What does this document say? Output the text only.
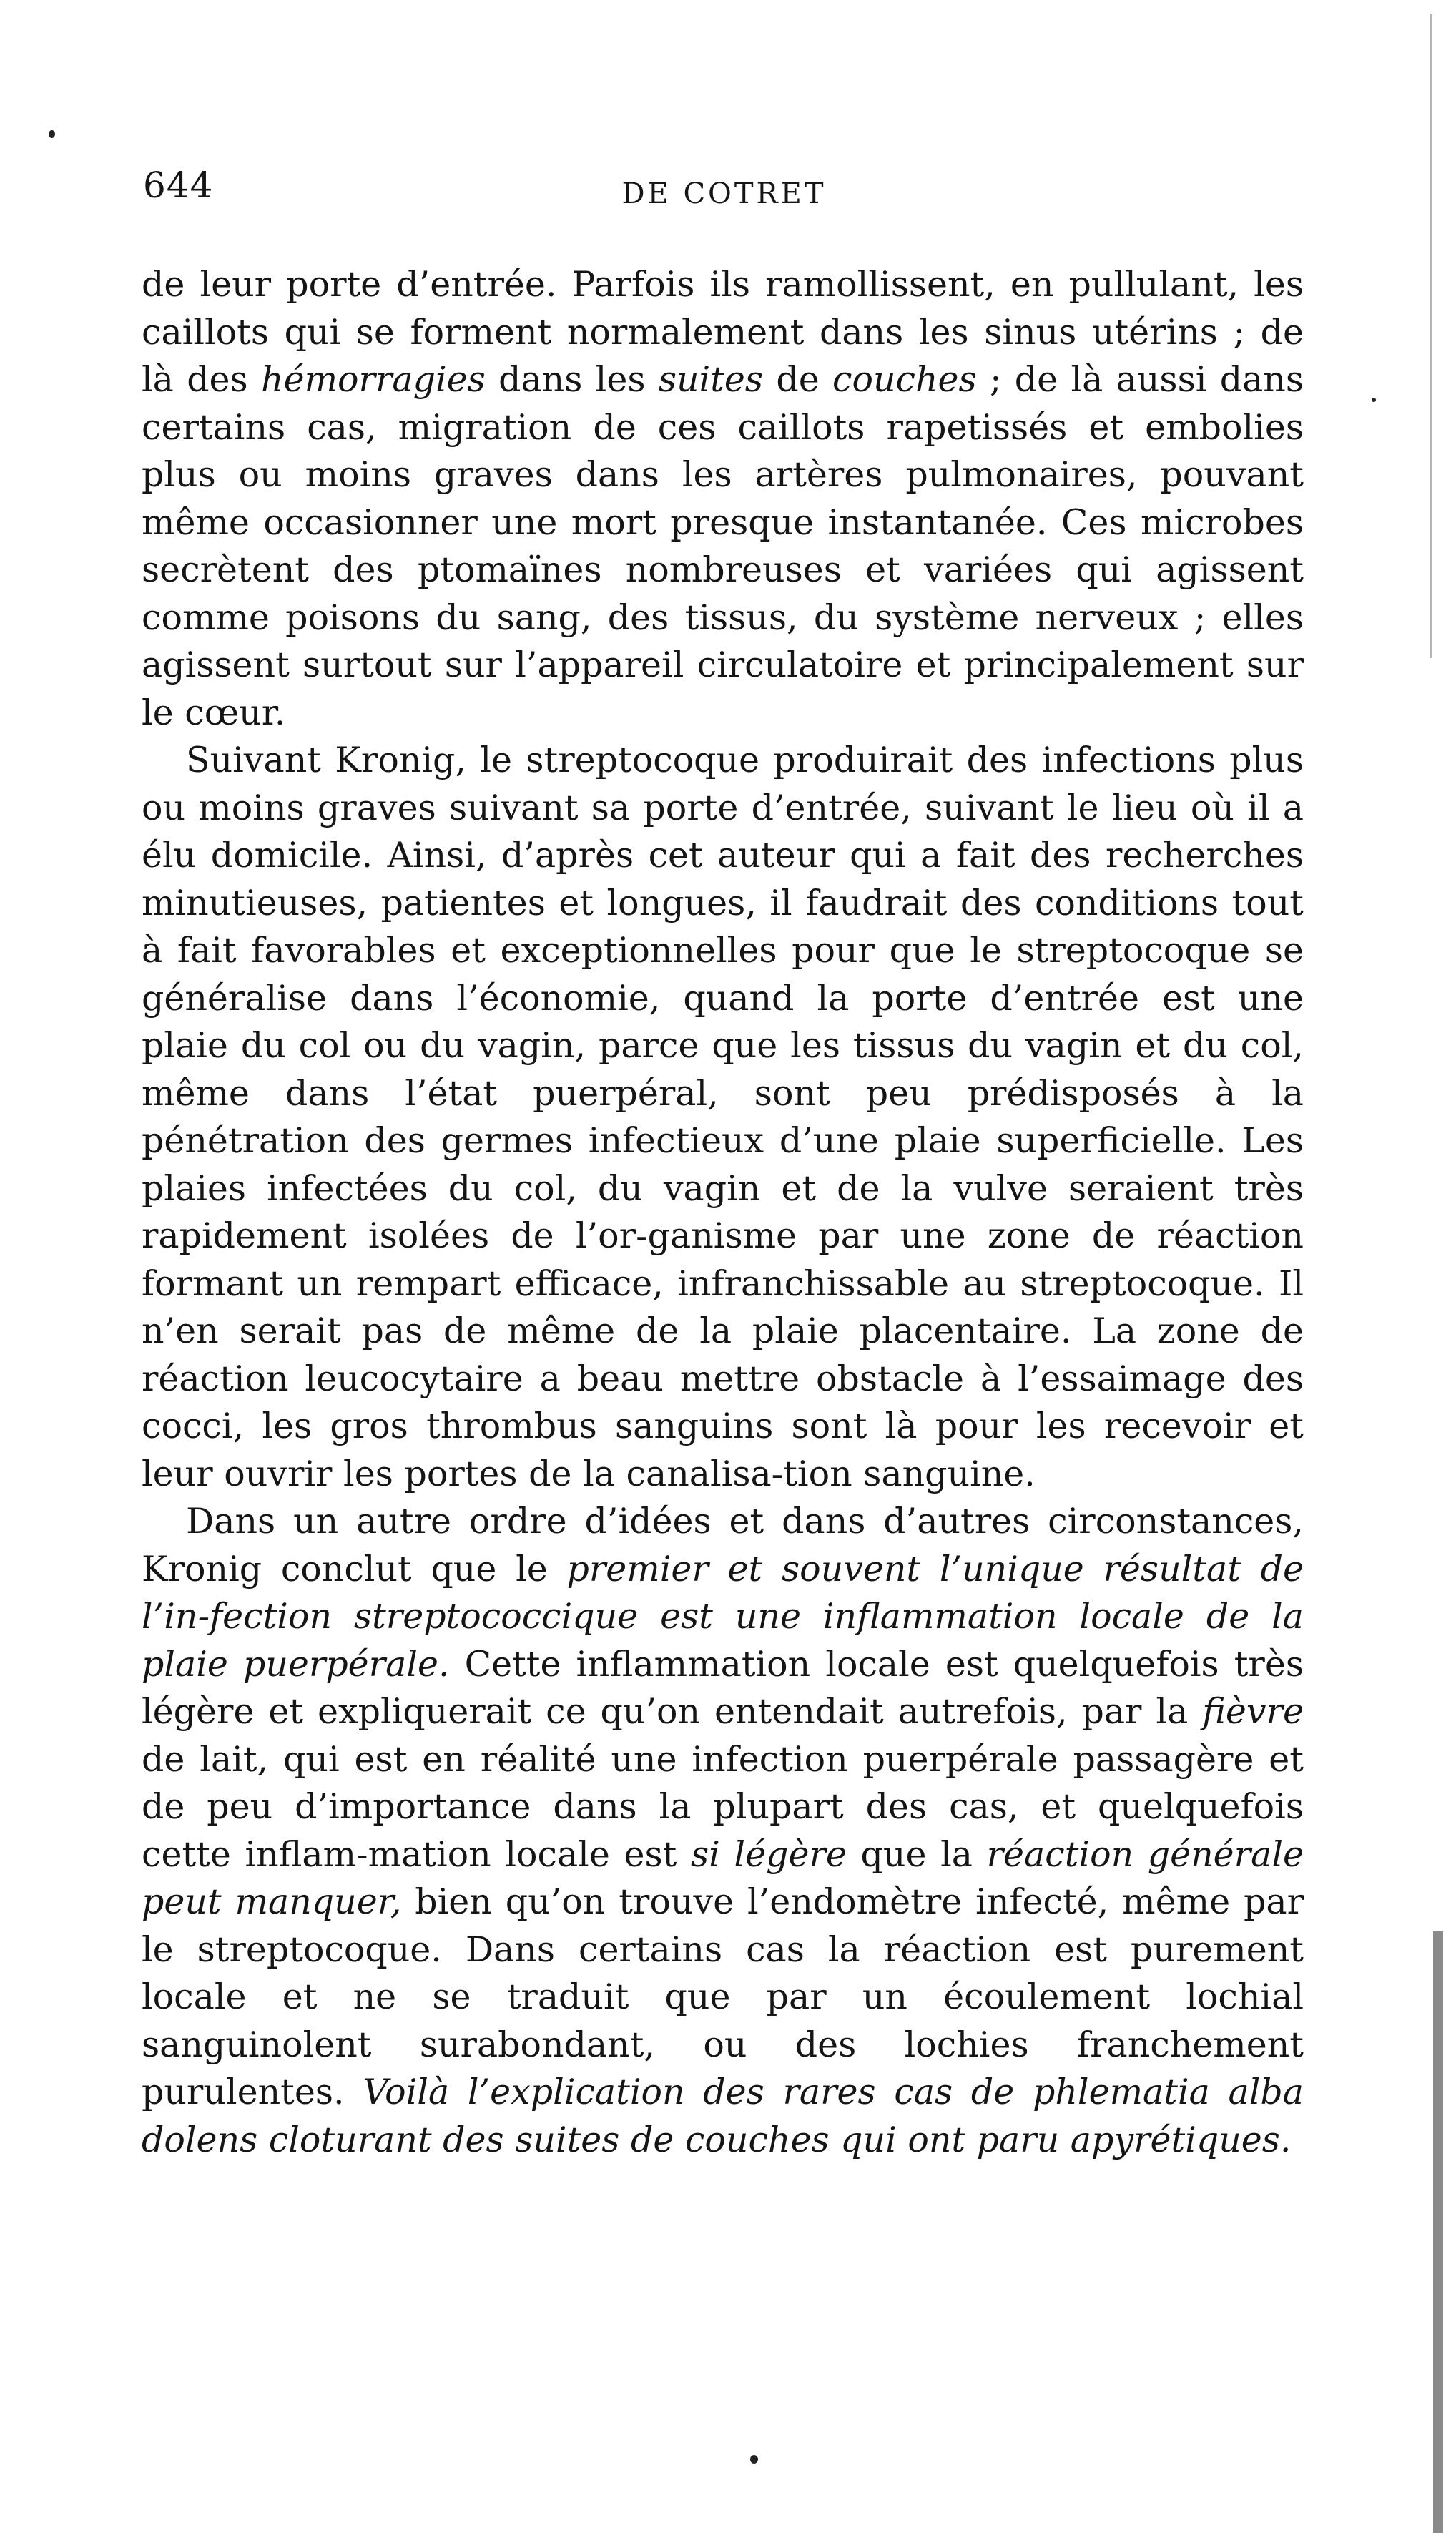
644	DE COTRET

de leur porte d’entrée. Parfois ils ramollissent, en pullulant, les caillots qui se forment normalement dans les sinus utérins ; de là des hémorragies dans les suites de couches ; de là aussi dans certains cas, migration de ces caillots rapetissés et embolies plus ou moins graves dans les artères pulmonaires, pouvant même occasionner une mort presque instantanée. Ces microbes secrètent des ptomaïnes nombreuses et variées qui agissent comme poisons du sang, des tissus, du système nerveux ; elles agissent surtout sur l’appareil circulatoire et principalement sur le cœur.

Suivant Kronig, le streptocoque produirait des infections plus ou moins graves suivant sa porte d’entrée, suivant le lieu où il a élu domicile. Ainsi, d’après cet auteur qui a fait des recherches minutieuses, patientes et longues, il faudrait des conditions tout à fait favorables et exceptionnelles pour que le streptocoque se généralise dans l’économie, quand la porte d’entrée est une plaie du col ou du vagin, parce que les tissus du vagin et du col, même dans l’état puerpéral, sont peu prédisposés à la pénétration des germes infectieux d’une plaie superficielle. Les plaies infectées du col, du vagin et de la vulve seraient très rapidement isolées de l’or-ganisme par une zone de réaction formant un rempart efficace, infranchissable au streptocoque. Il n’en serait pas de même de la plaie placentaire. La zone de réaction leucocytaire a beau mettre obstacle à l’essaimage des cocci, les gros thrombus sanguins sont là pour les recevoir et leur ouvrir les portes de la canalisa-tion sanguine.

Dans un autre ordre d’idées et dans d’autres circonstances, Kronig conclut que le premier et souvent l’unique résultat de l’in-fection streptococcique est une inflammation locale de la plaie puerpérale. Cette inflammation locale est quelquefois très légère et expliquerait ce qu’on entendait autrefois, par la fièvre de lait, qui est en réalité une infection puerpérale passagère et de peu d’importance dans la plupart des cas, et quelquefois cette inflam-mation locale est si légère que la réaction générale peut manquer, bien qu’on trouve l’endomètre infecté, même par le streptocoque. Dans certains cas la réaction est purement locale et ne se traduit que par un écoulement lochial sanguinolent surabondant, ou des lochies franchement purulentes. Voilà l’explication des rares cas de phlematia alba dolens cloturant des suites de couches qui ont paru apyrétiques.
